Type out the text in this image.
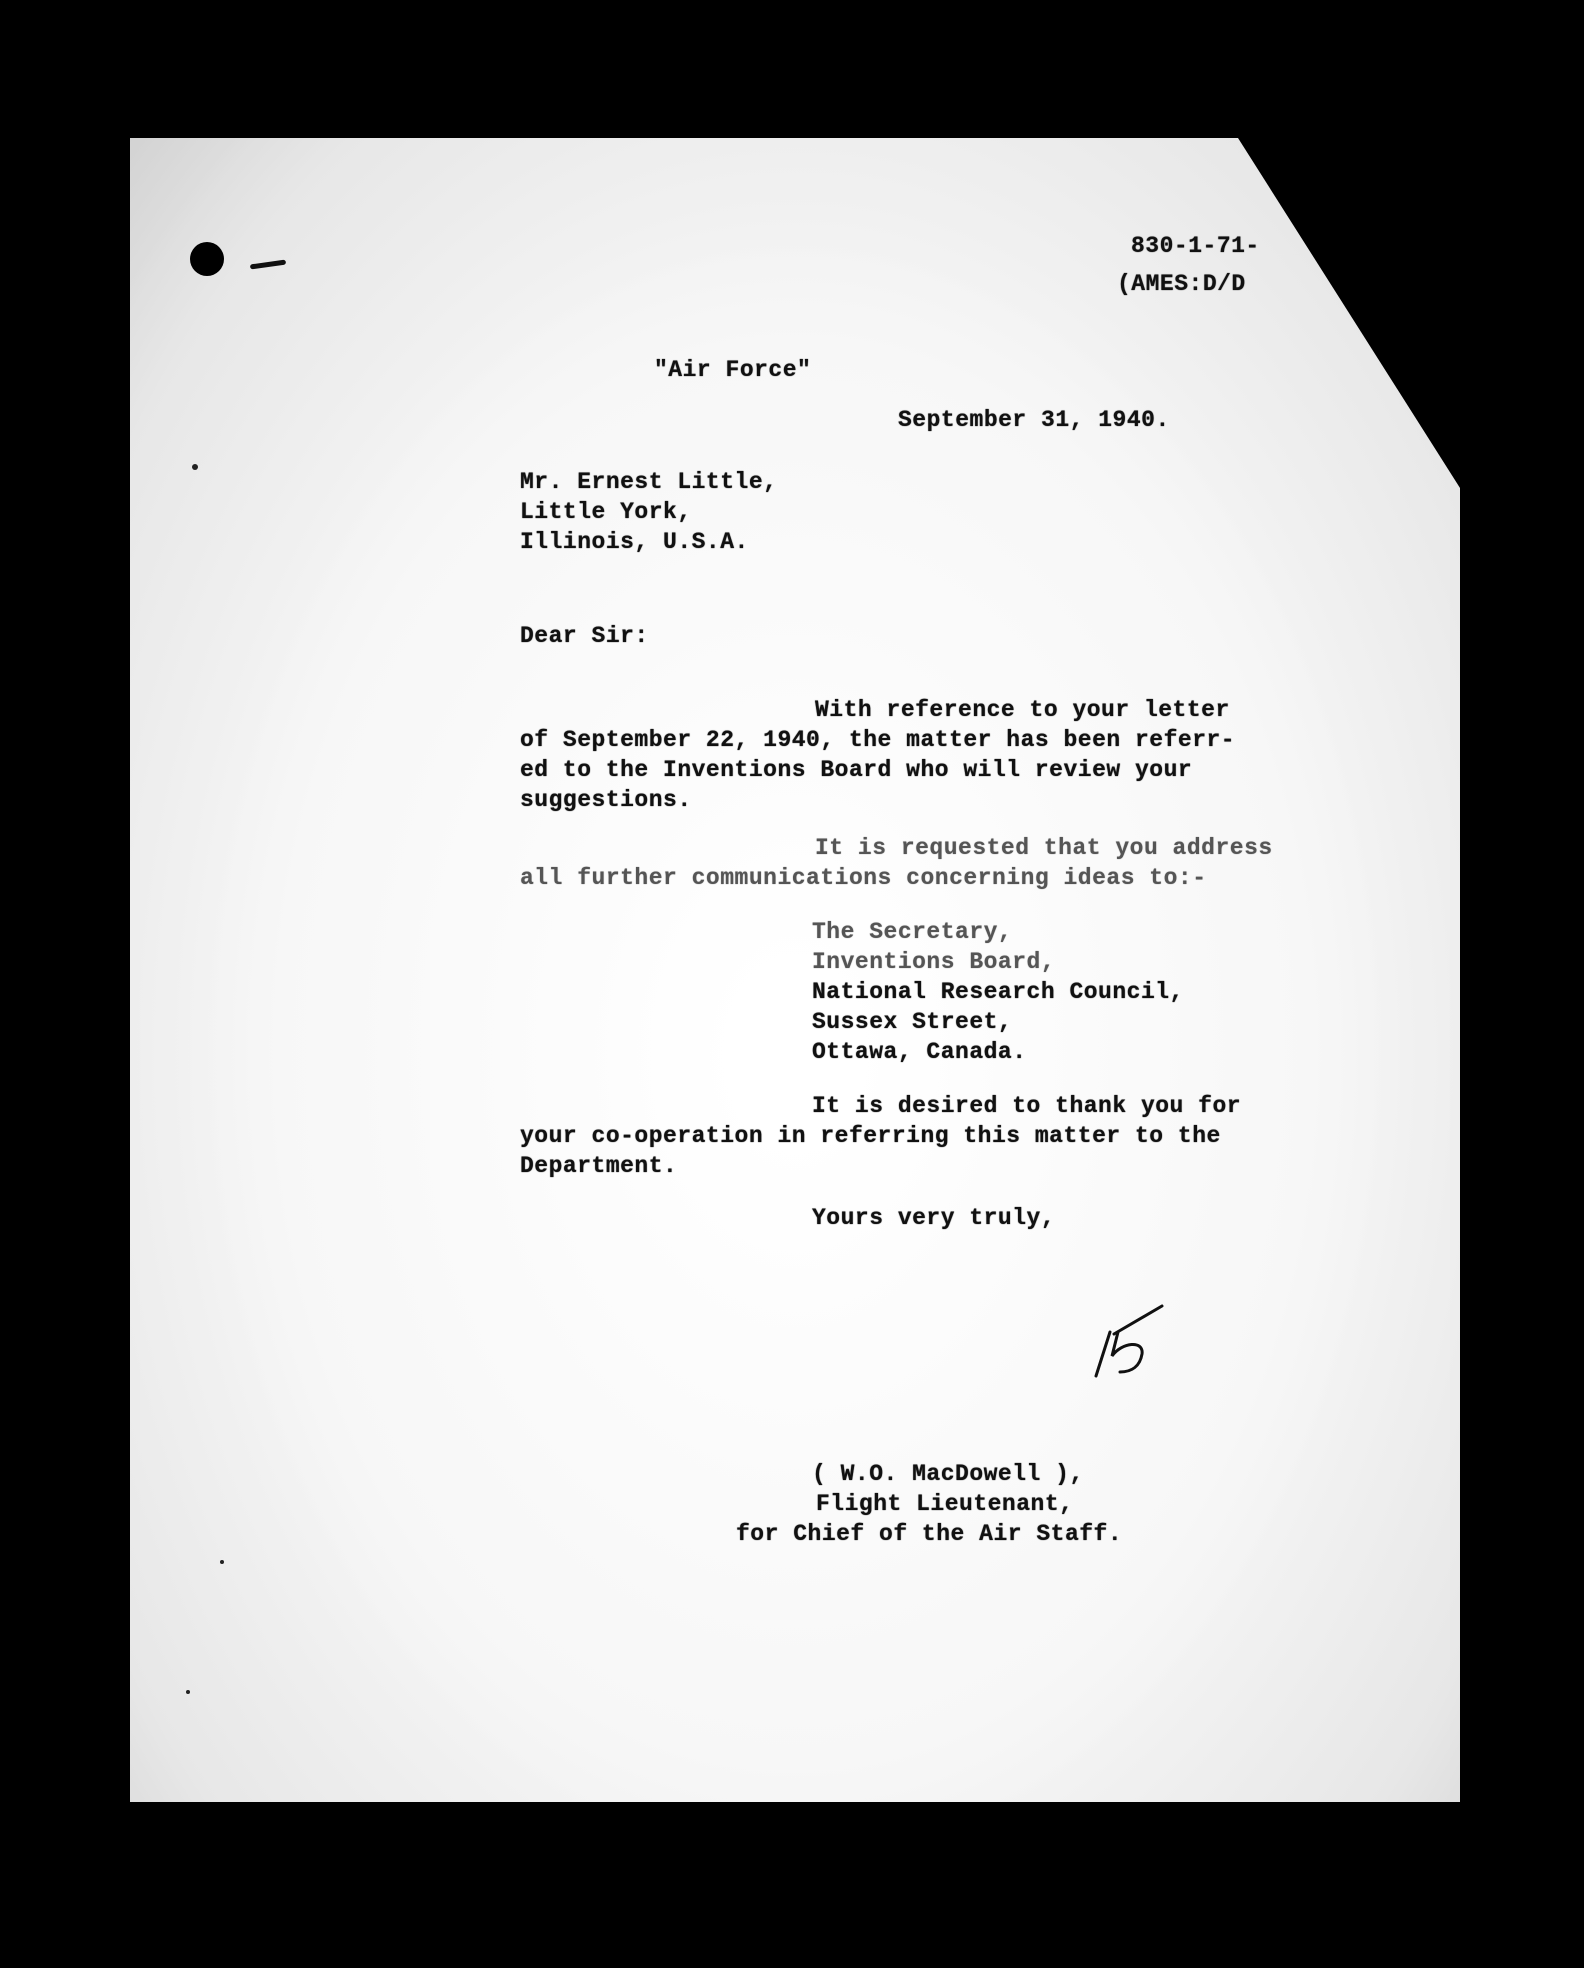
830-1-71-

(AMES:D/D

"Air Force"

September 31, 1940.

Mr. Ernest Little,

Little York,

Illinois, U.S.A.

Dear Sir:

With reference to your letter

of September 22, 1940, the matter has been referr-

ed to the Inventions Board who will review your

suggestions.

It is requested that you address

all further communications concerning ideas to:-

The Secretary,

Inventions Board,

National Research Council,

Sussex Street,

Ottawa, Canada.

It is desired to thank you for

your co-operation in referring this matter to the

Department.

Yours very truly,

( W.O. MacDowell ),

Flight Lieutenant,

for Chief of the Air Staff.
